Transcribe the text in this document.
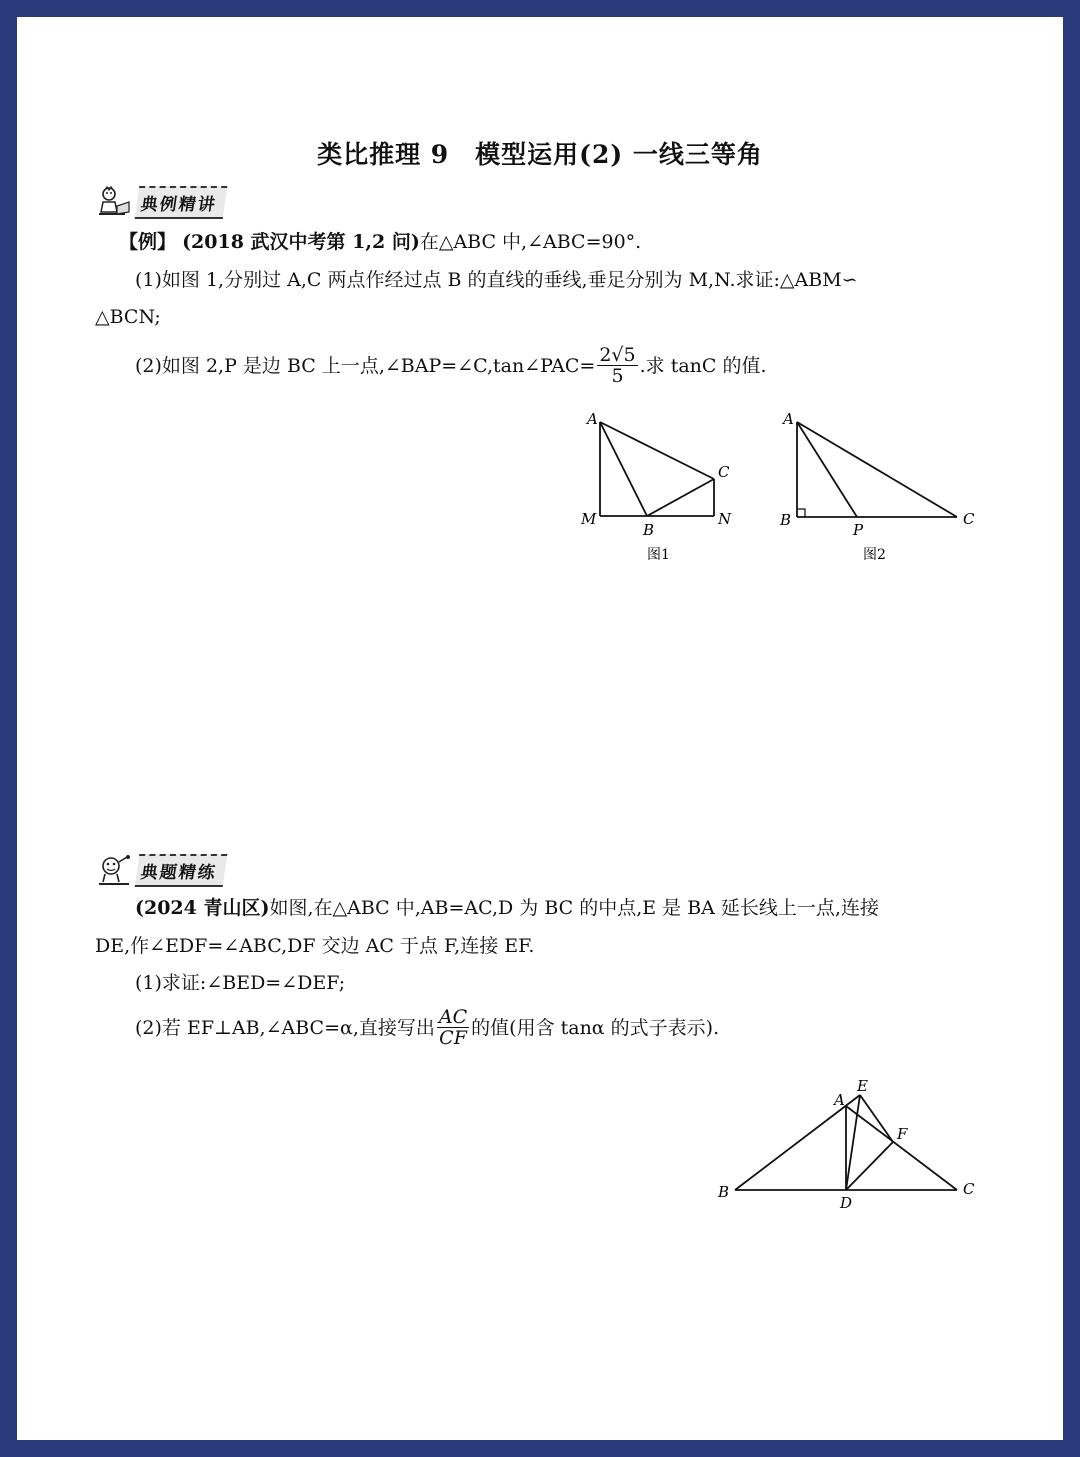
类比推理 9 模型运用(2) 一线三等角
典例精讲
【例】 (2018 武汉中考第 1,2 问)在△ABC 中,∠ABC=90°.
(1)如图 1,分别过 A,C 两点作经过点 B 的直线的垂线,垂足分别为 M,N.求证:△ABM∽
△BCN;
(2)如图 2,P 是边 BC 上一点,∠BAP=∠C,tan∠PAC= $\frac{2√5}{5}$ .求 tanC 的值.
A
C
M
B
N
图1
A
B
P
C
图2
典题精练
(2024 青山区)如图,在△ABC 中,AB=AC,D 为 BC 的中点,E 是 BA 延长线上一点,连接
DE,作∠EDF=∠ABC,DF 交边 AC 于点 F,连接 EF.
(1)求证:∠BED=∠DEF;
(2)若 EF⊥AB,∠ABC=α,直接写出 $\frac{AC}{CF}$ 的值(用含 tanα 的式子表示).
A
E
F
B
D
C
